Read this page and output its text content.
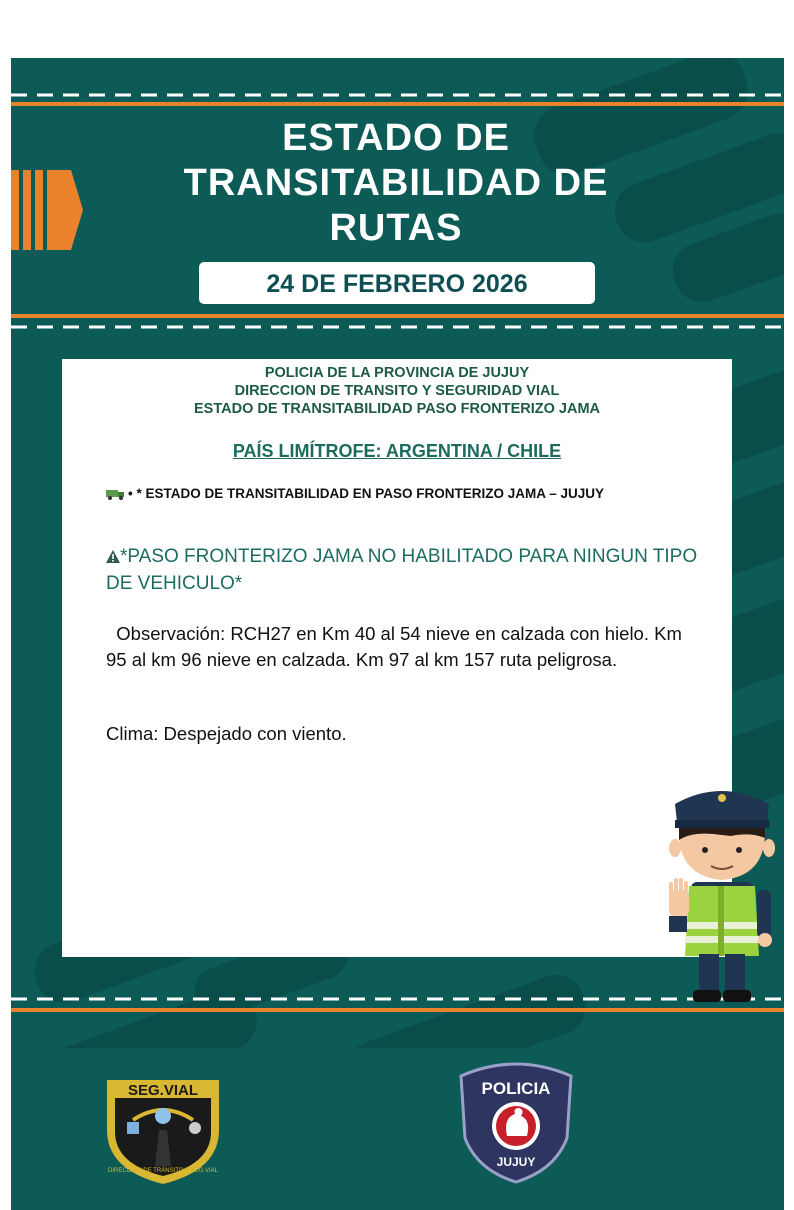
ESTADO DE
TRANSITABILIDAD DE
RUTAS
24 DE FEBRERO 2026
POLICIA DE LA PROVINCIA DE JUJUY
DIRECCION DE TRANSITO Y SEGURIDAD VIAL
ESTADO DE TRANSITABILIDAD PASO FRONTERIZO JAMA
PAÍS LIMÍTROFE: ARGENTINA / CHILE
• * ESTADO DE TRANSITABILIDAD EN PASO FRONTERIZO JAMA – JUJUY
*PASO FRONTERIZO JAMA NO HABILITADO PARA NINGUN TIPO DE VEHICULO*
Observación: RCH27 en Km 40 al 54 nieve en calzada con hielo. Km 95 al km 96 nieve en calzada. Km 97 al km 157 ruta peligrosa.
Clima: Despejado con viento.
SEG.VIAL
DIRECCIÓN DE TRÁNSITO Y SEG.VIAL
POLICIA
JUJUY
